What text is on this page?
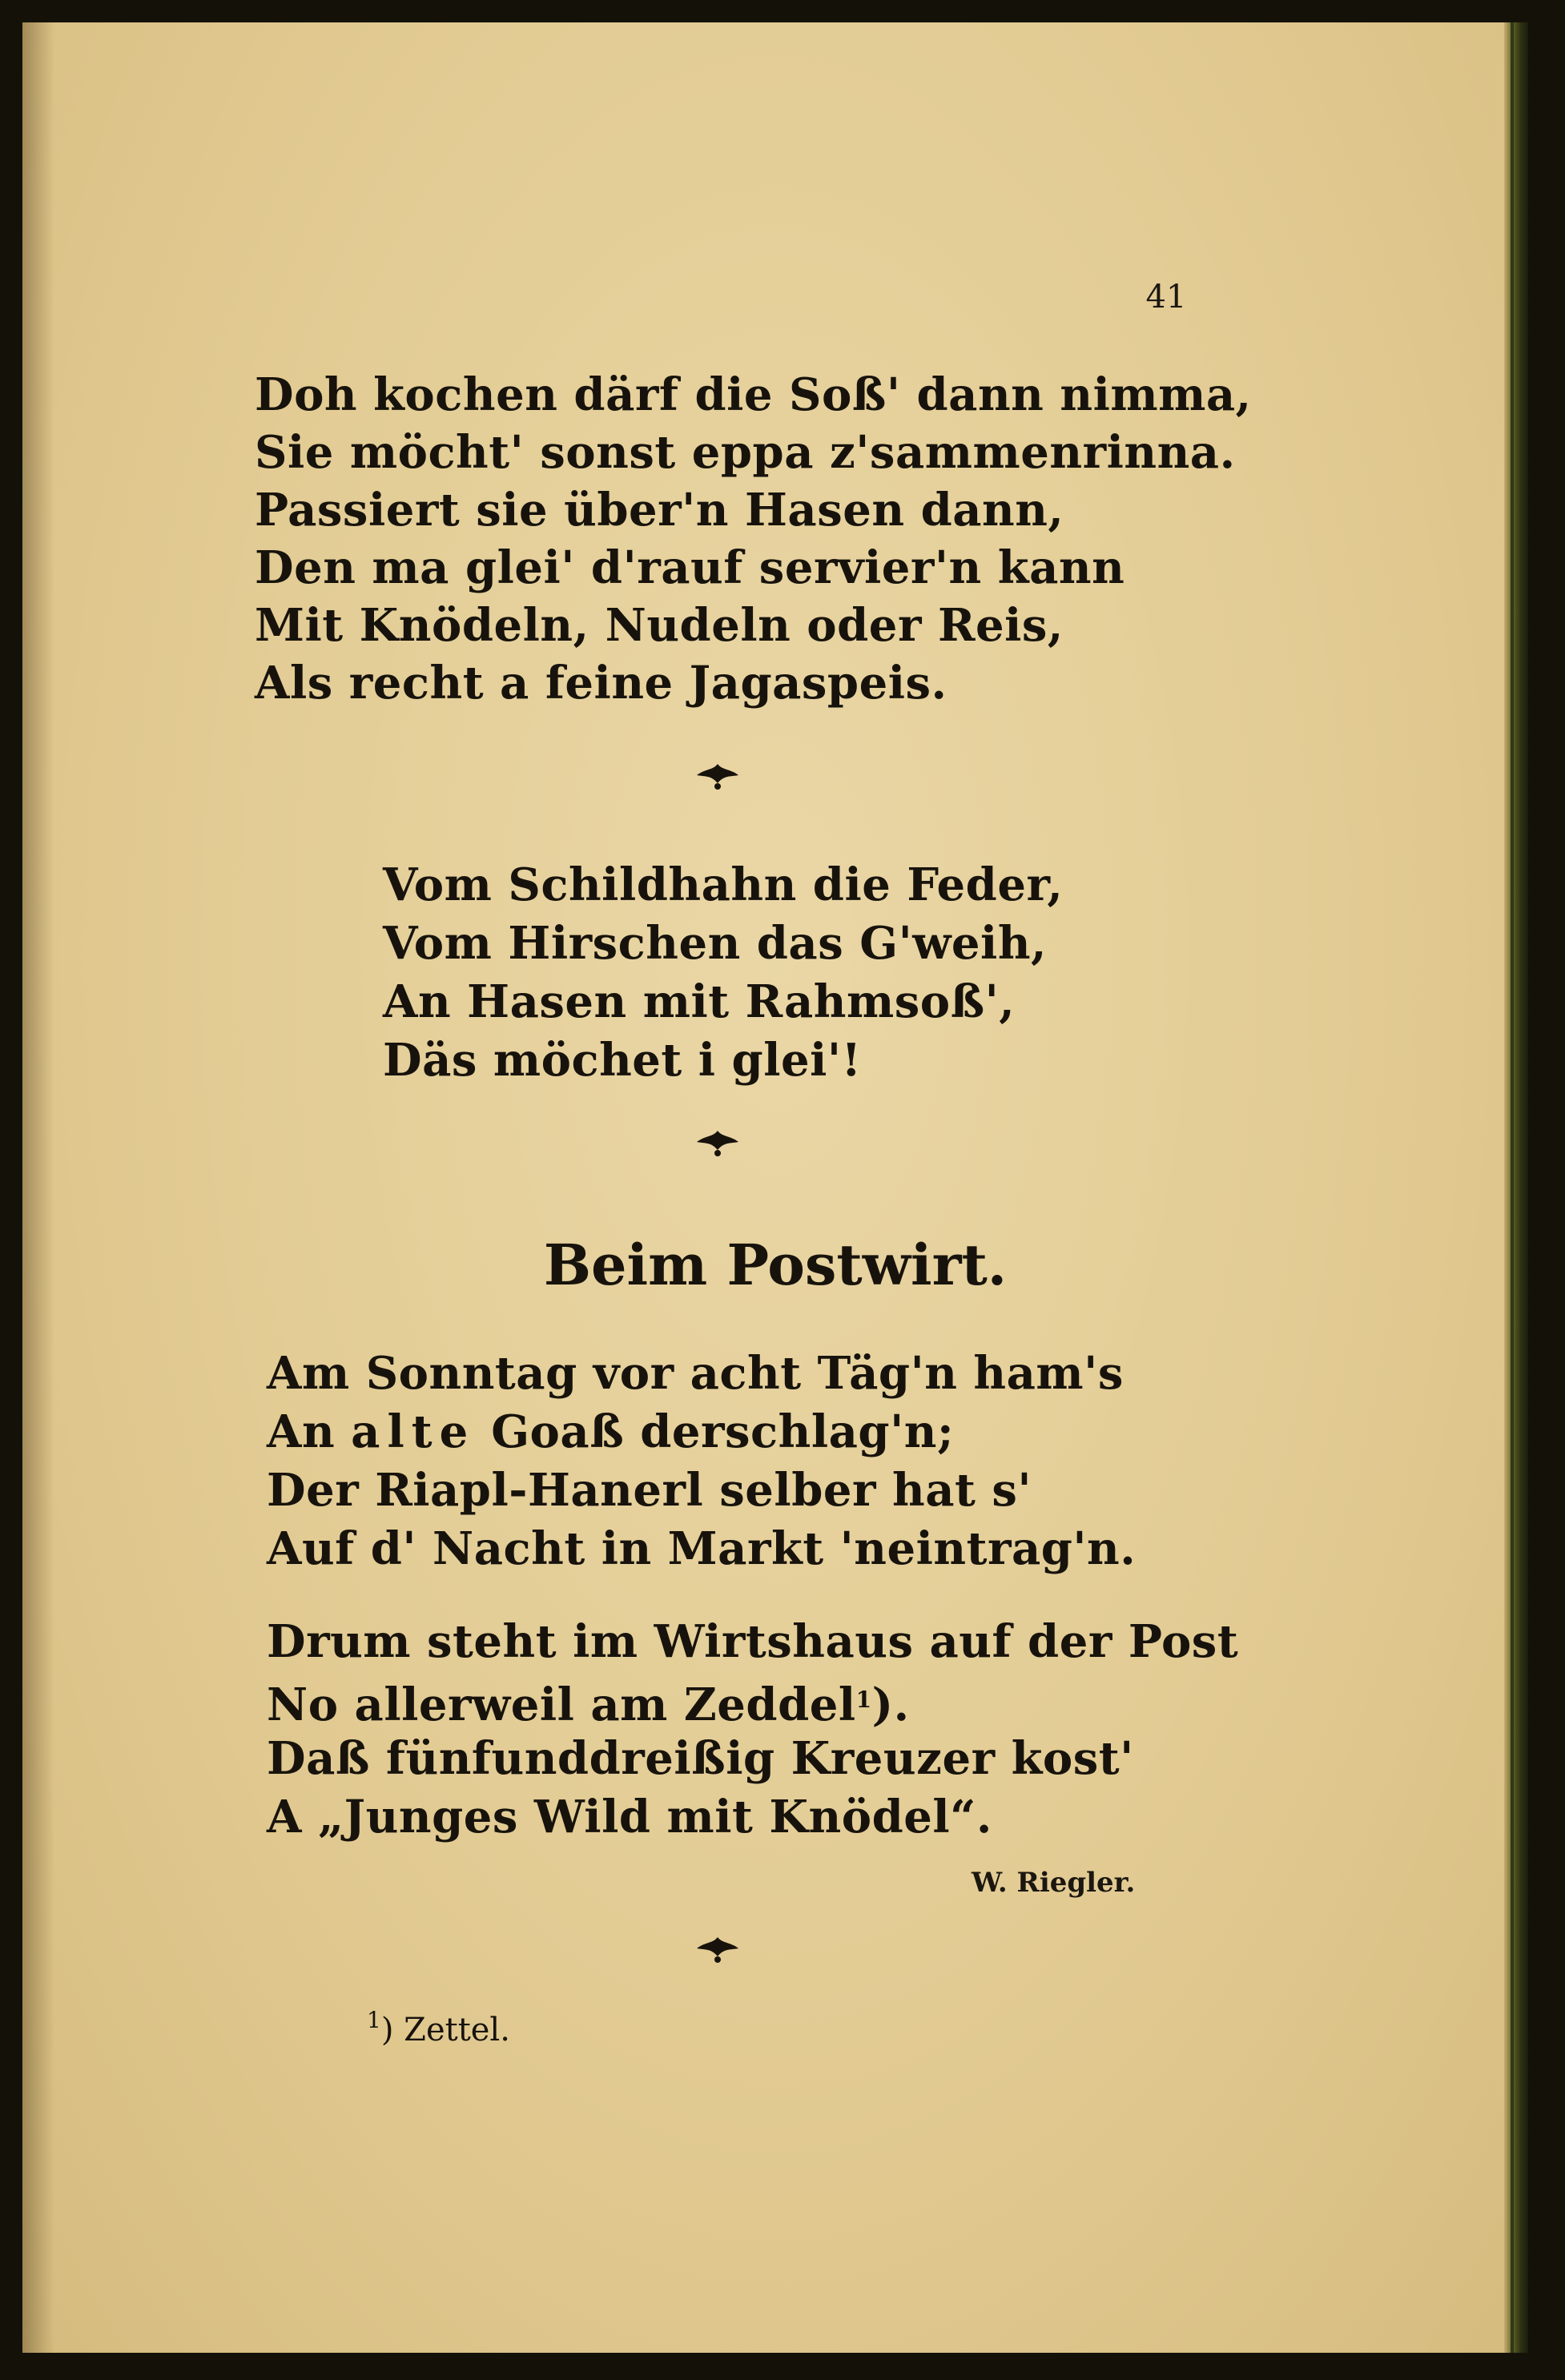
41
Doh kochen därf die Soß' dann nimma,
Sie möcht' sonst eppa z'sammenrinna.
Passiert sie über'n Hasen dann,
Den ma glei' d'rauf servier'n kann
Mit Knödeln, Nudeln oder Reis,
Als recht a feine Jagaspeis.
Vom Schildhahn die Feder,
Vom Hirschen das G'weih,
An Hasen mit Rahmsoß',
Däs möchet i glei'!
Beim Postwirt.
Am Sonntag vor acht Täg'n ham's
An alte Goaß derschlag'n;
Der Riapl-Hanerl selber hat s'
Auf d' Nacht in Markt 'neintrag'n.
Drum steht im Wirtshaus auf der Post
No allerweil am Zeddel$^1$).
Daß fünfunddreißig Kreuzer kost'
A „Junges Wild mit Knödel“.
W. Riegler.
$^1$) Zettel.
